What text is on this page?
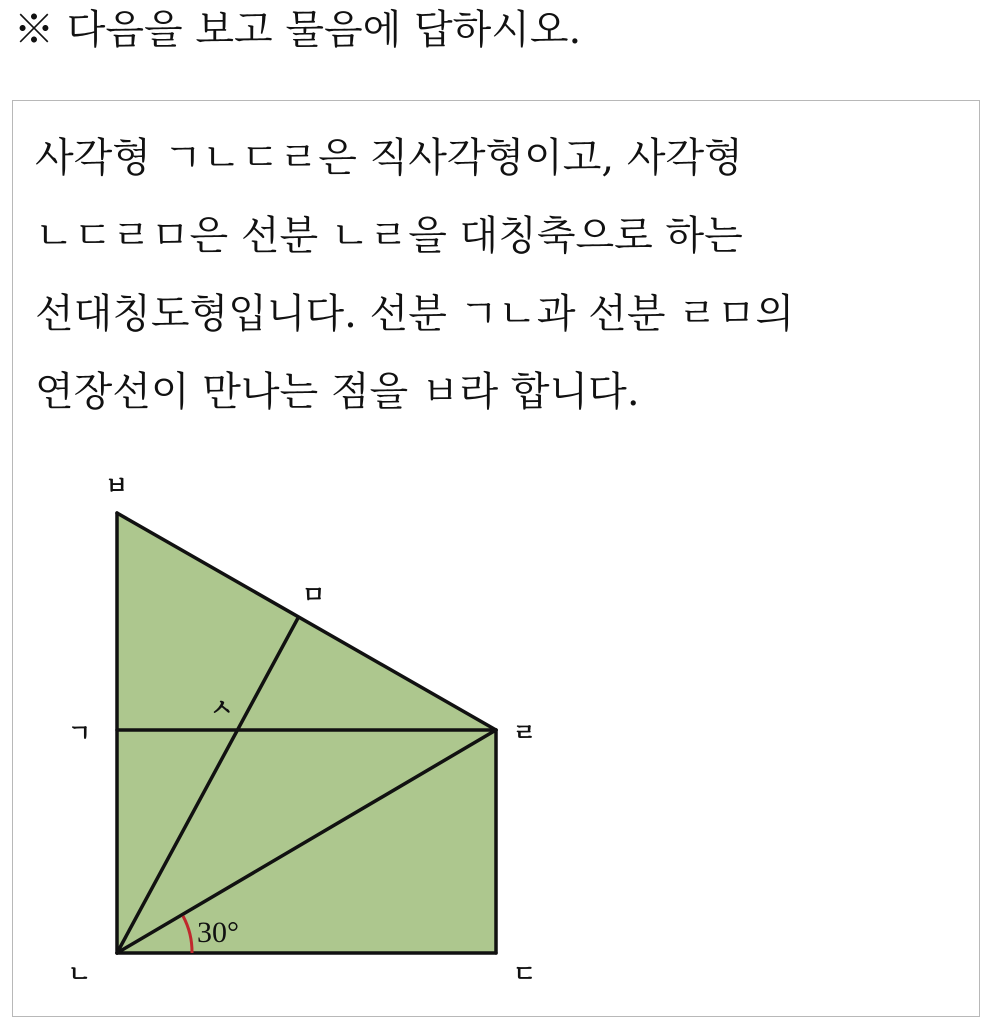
※ 다음을 보고 물음에 답하시오.
사각형 ㄱㄴㄷㄹ은 직사각형이고, 사각형
ㄴㄷㄹㅁ은 선분 ㄴㄹ을 대칭축으로 하는
선대칭도형입니다. 선분 ㄱㄴ과 선분 ㄹㅁ의
연장선이 만나는 점을 ㅂ라 합니다.
30°
ㅂ
ㅁ
ㅅ
ㄱ	ㄹ
ㄴ	ㄷ
